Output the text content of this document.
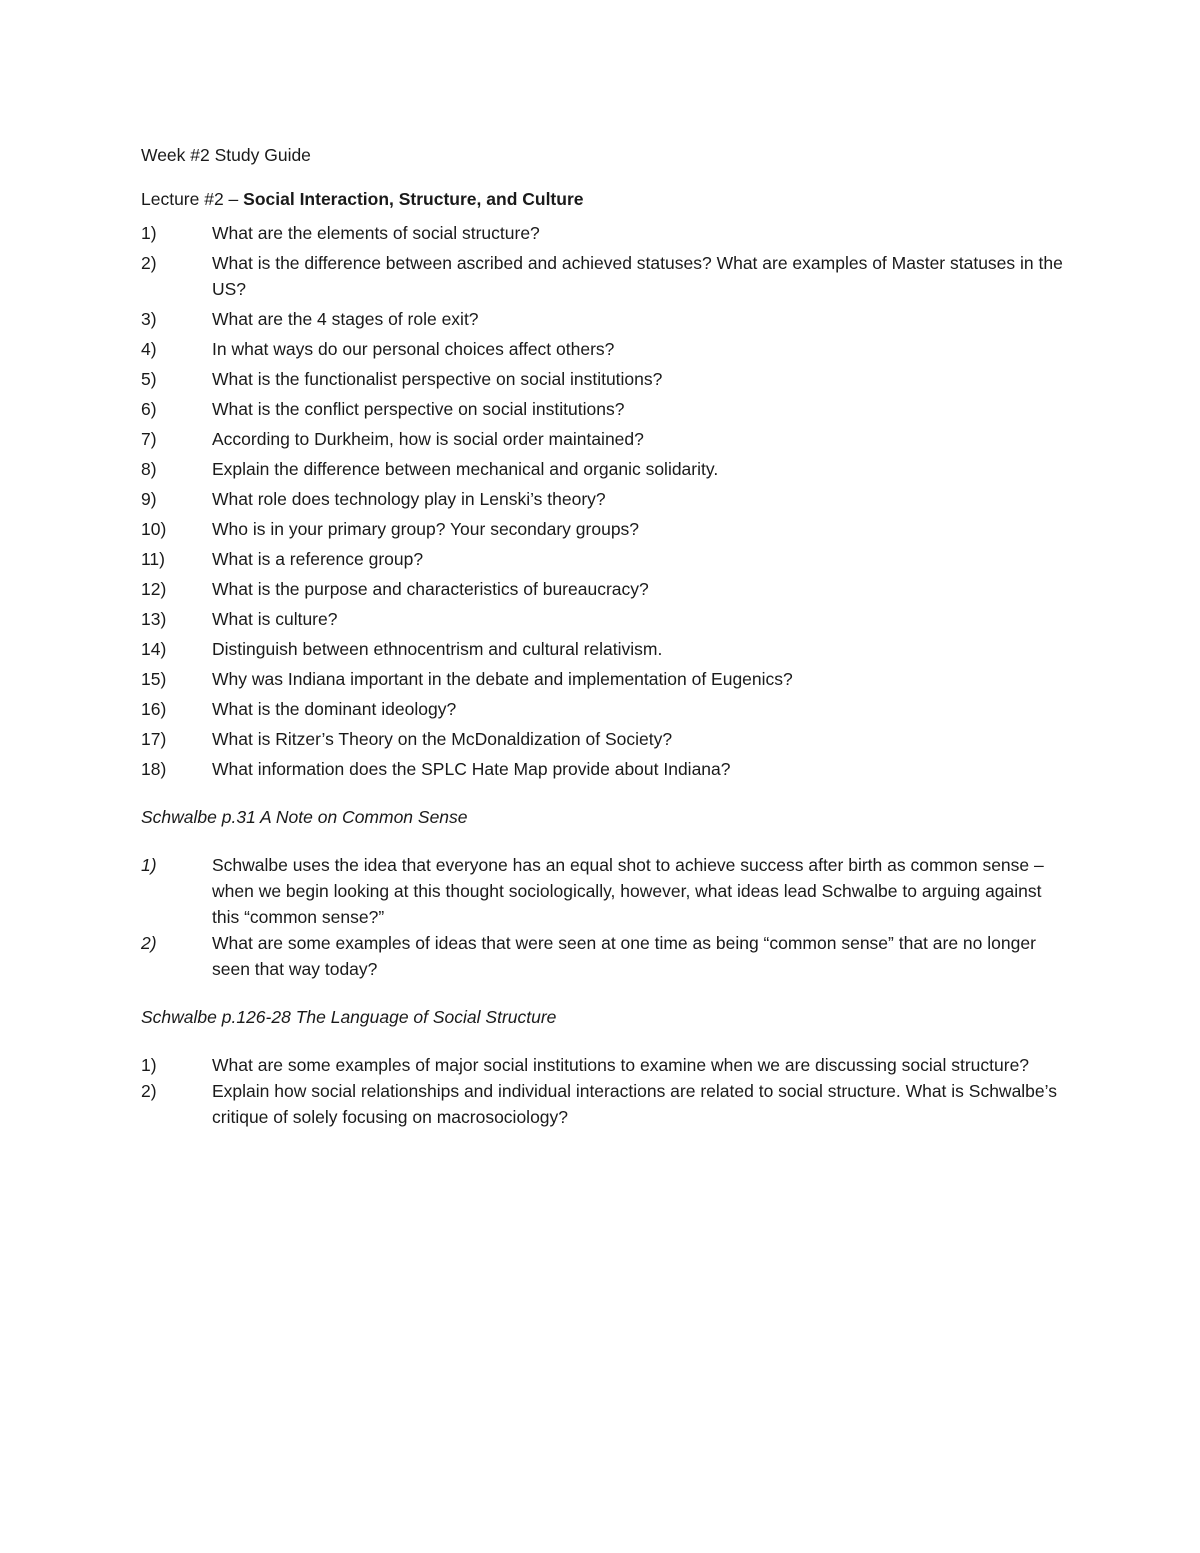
Week #2 Study Guide
Lecture #2 – Social Interaction, Structure, and Culture
1)	What are the elements of social structure?
2)	What is the difference between ascribed and achieved statuses? What are examples of Master statuses in the US?
3)	What are the 4 stages of role exit?
4)	In what ways do our personal choices affect others?
5)	What is the functionalist perspective on social institutions?
6)	What is the conflict perspective on social institutions?
7)	According to Durkheim, how is social order maintained?
8)	Explain the difference between mechanical and organic solidarity.
9)	What role does technology play in Lenski’s theory?
10)	Who is in your primary group? Your secondary groups?
11)	What is a reference group?
12)	What is the purpose and characteristics of bureaucracy?
13)	What is culture?
14)	Distinguish between ethnocentrism and cultural relativism.
15)	Why was Indiana important in the debate and implementation of Eugenics?
16)	What is the dominant ideology?
17)	What is Ritzer’s Theory on the McDonaldization of Society?
18)	What information does the SPLC Hate Map provide about Indiana?
Schwalbe p.31 A Note on Common Sense
1)	Schwalbe uses the idea that everyone has an equal shot to achieve success after birth as common sense – when we begin looking at this thought sociologically, however, what ideas lead Schwalbe to arguing against this “common sense?”
2)	What are some examples of ideas that were seen at one time as being “common sense” that are no longer seen that way today?
Schwalbe p.126-28 The Language of Social Structure
1)	What are some examples of major social institutions to examine when we are discussing social structure?
2)	Explain how social relationships and individual interactions are related to social structure. What is Schwalbe’s critique of solely focusing on macrosociology?
